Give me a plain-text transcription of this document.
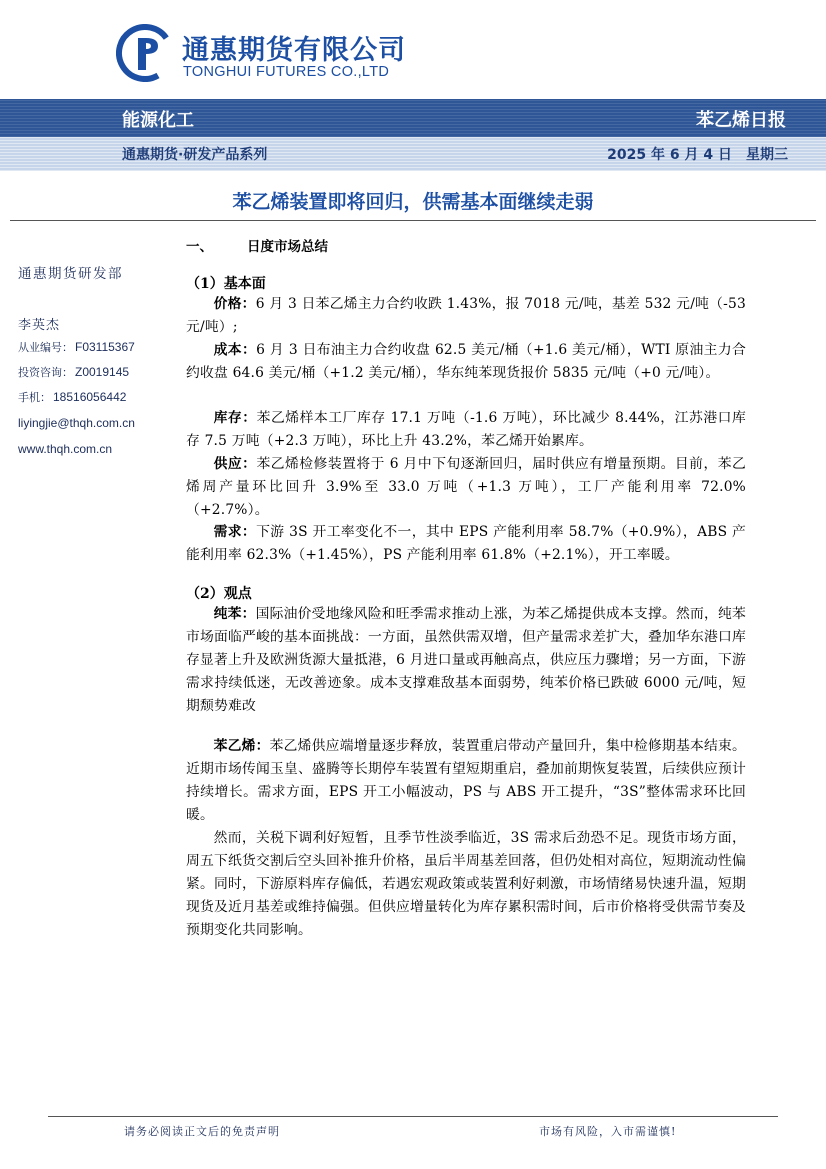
通惠期货有限公司
TONGHUI FUTURES CO.,LTD
能源化工	苯乙烯日报
通惠期货·研发产品系列	2025 年 6 月 4 日　星期三
苯乙烯装置即将回归，供需基本面继续走弱
通惠期货研发部
李英杰
从业编号： F03115367
投资咨询： Z0019145
手机： 18516056442
liyingjie@thqh.com.cn
www.thqh.com.cn
一、	日度市场总结
（1）基本面
价格：6 月 3 日苯乙烯主力合约收跌 1.43%，报 7018 元/吨，基差 532 元/吨（-53 元/吨）;
成本：6 月 3 日布油主力合约收盘 62.5 美元/桶（+1.6 美元/桶），WTI 原油主力合约收盘 64.6 美元/桶（+1.2 美元/桶），华东纯苯现货报价 5835 元/吨（+0 元/吨）。
库存：苯乙烯样本工厂库存 17.1 万吨（-1.6 万吨），环比减少 8.44%，江苏港口库存 7.5 万吨（+2.3 万吨），环比上升 43.2%，苯乙烯开始累库。
供应：苯乙烯检修装置将于 6 月中下旬逐渐回归，届时供应有增量预期。目前，苯乙烯周产量环比回升 3.9%至 33.0 万吨（+1.3 万吨），工厂产能利用率 72.0%（+2.7%）。
需求：下游 3S 开工率变化不一，其中 EPS 产能利用率 58.7%（+0.9%），ABS 产能利用率 62.3%（+1.45%），PS 产能利用率 61.8%（+2.1%），开工率暖。
（2）观点
纯苯：国际油价受地缘风险和旺季需求推动上涨，为苯乙烯提供成本支撑。然而，纯苯市场面临严峻的基本面挑战：一方面，虽然供需双增，但产量需求差扩大，叠加华东港口库存显著上升及欧洲货源大量抵港，6 月进口量或再触高点，供应压力骤增；另一方面，下游需求持续低迷，无改善迹象。成本支撑难敌基本面弱势，纯苯价格已跌破 6000 元/吨，短期颓势难改
苯乙烯：苯乙烯供应端增量逐步释放，装置重启带动产量回升，集中检修期基本结束。近期市场传闻玉皇、盛腾等长期停车装置有望短期重启，叠加前期恢复装置，后续供应预计持续增长。需求方面，EPS 开工小幅波动，PS 与 ABS 开工提升，“3S”整体需求环比回暖。
然而，关税下调利好短暂，且季节性淡季临近，3S 需求后劲恐不足。现货市场方面，周五下纸货交割后空头回补推升价格，虽后半周基差回落，但仍处相对高位，短期流动性偏紧。同时，下游原料库存偏低，若遇宏观政策或装置利好刺激，市场情绪易快速升温，短期现货及近月基差或维持偏强。但供应增量转化为库存累积需时间，后市价格将受供需节奏及预期变化共同影响。
请务必阅读正文后的免责声明	市场有风险，入市需谨慎!
